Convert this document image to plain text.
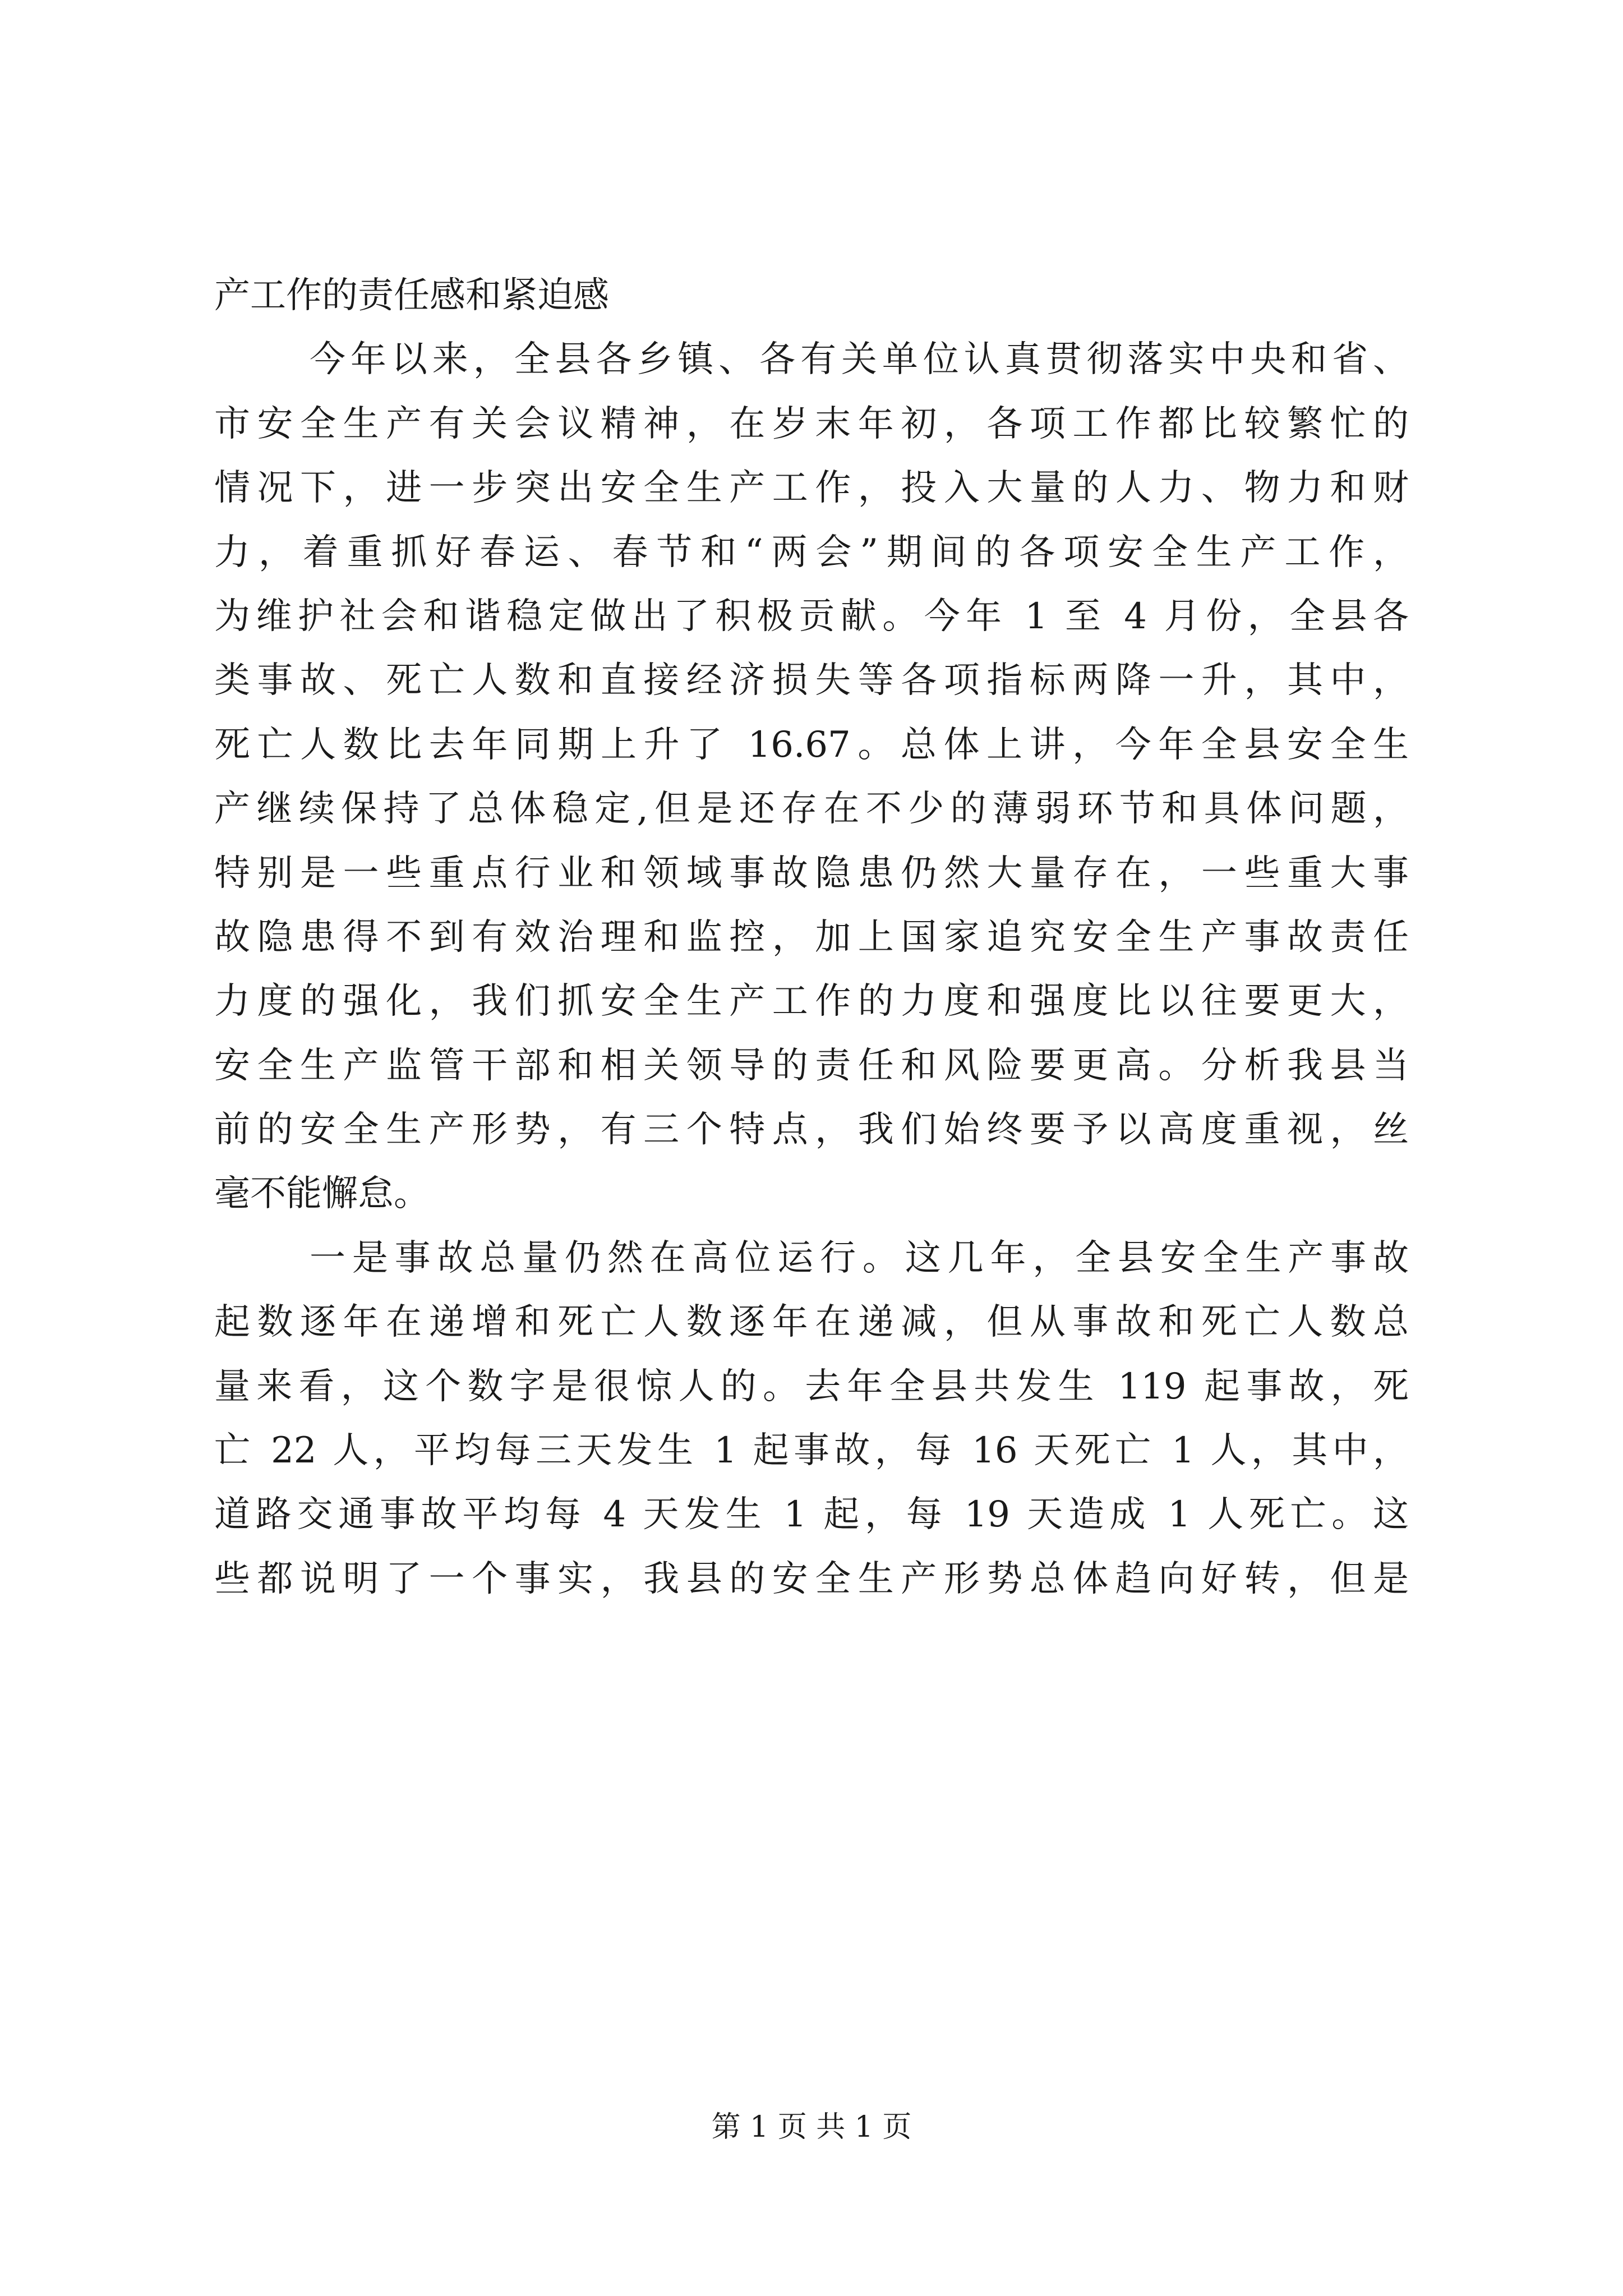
产工作的责任感和紧迫感
今年以来，全县各乡镇、各有关单位认真贯彻落实中央和省、
市安全生产有关会议精神，在岁末年初，各项工作都比较繁忙的
情况下，进一步突出安全生产工作，投入大量的人力、物力和财
力，着重抓好春运、春节和“两会”期间的各项安全生产工作，
为维护社会和谐稳定做出了积极贡献。今年 1 至 4 月份，全县各
类事故、死亡人数和直接经济损失等各项指标两降一升，其中，
死亡人数比去年同期上升了 16.67。总体上讲，今年全县安全生
产继续保持了总体稳定,但是还存在不少的薄弱环节和具体问题，
特别是一些重点行业和领域事故隐患仍然大量存在，一些重大事
故隐患得不到有效治理和监控，加上国家追究安全生产事故责任
力度的强化，我们抓安全生产工作的力度和强度比以往要更大，
安全生产监管干部和相关领导的责任和风险要更高。分析我县当
前的安全生产形势，有三个特点，我们始终要予以高度重视，丝
毫不能懈怠。
一是事故总量仍然在高位运行。这几年，全县安全生产事故
起数逐年在递增和死亡人数逐年在递减，但从事故和死亡人数总
量来看，这个数字是很惊人的。去年全县共发生 119 起事故，死
亡 22 人，平均每三天发生 1 起事故，每 16 天死亡 1 人，其中，
道路交通事故平均每 4 天发生 1 起，每 19 天造成 1 人死亡。这
些都说明了一个事实，我县的安全生产形势总体趋向好转，但是
第 1 页 共 1 页
